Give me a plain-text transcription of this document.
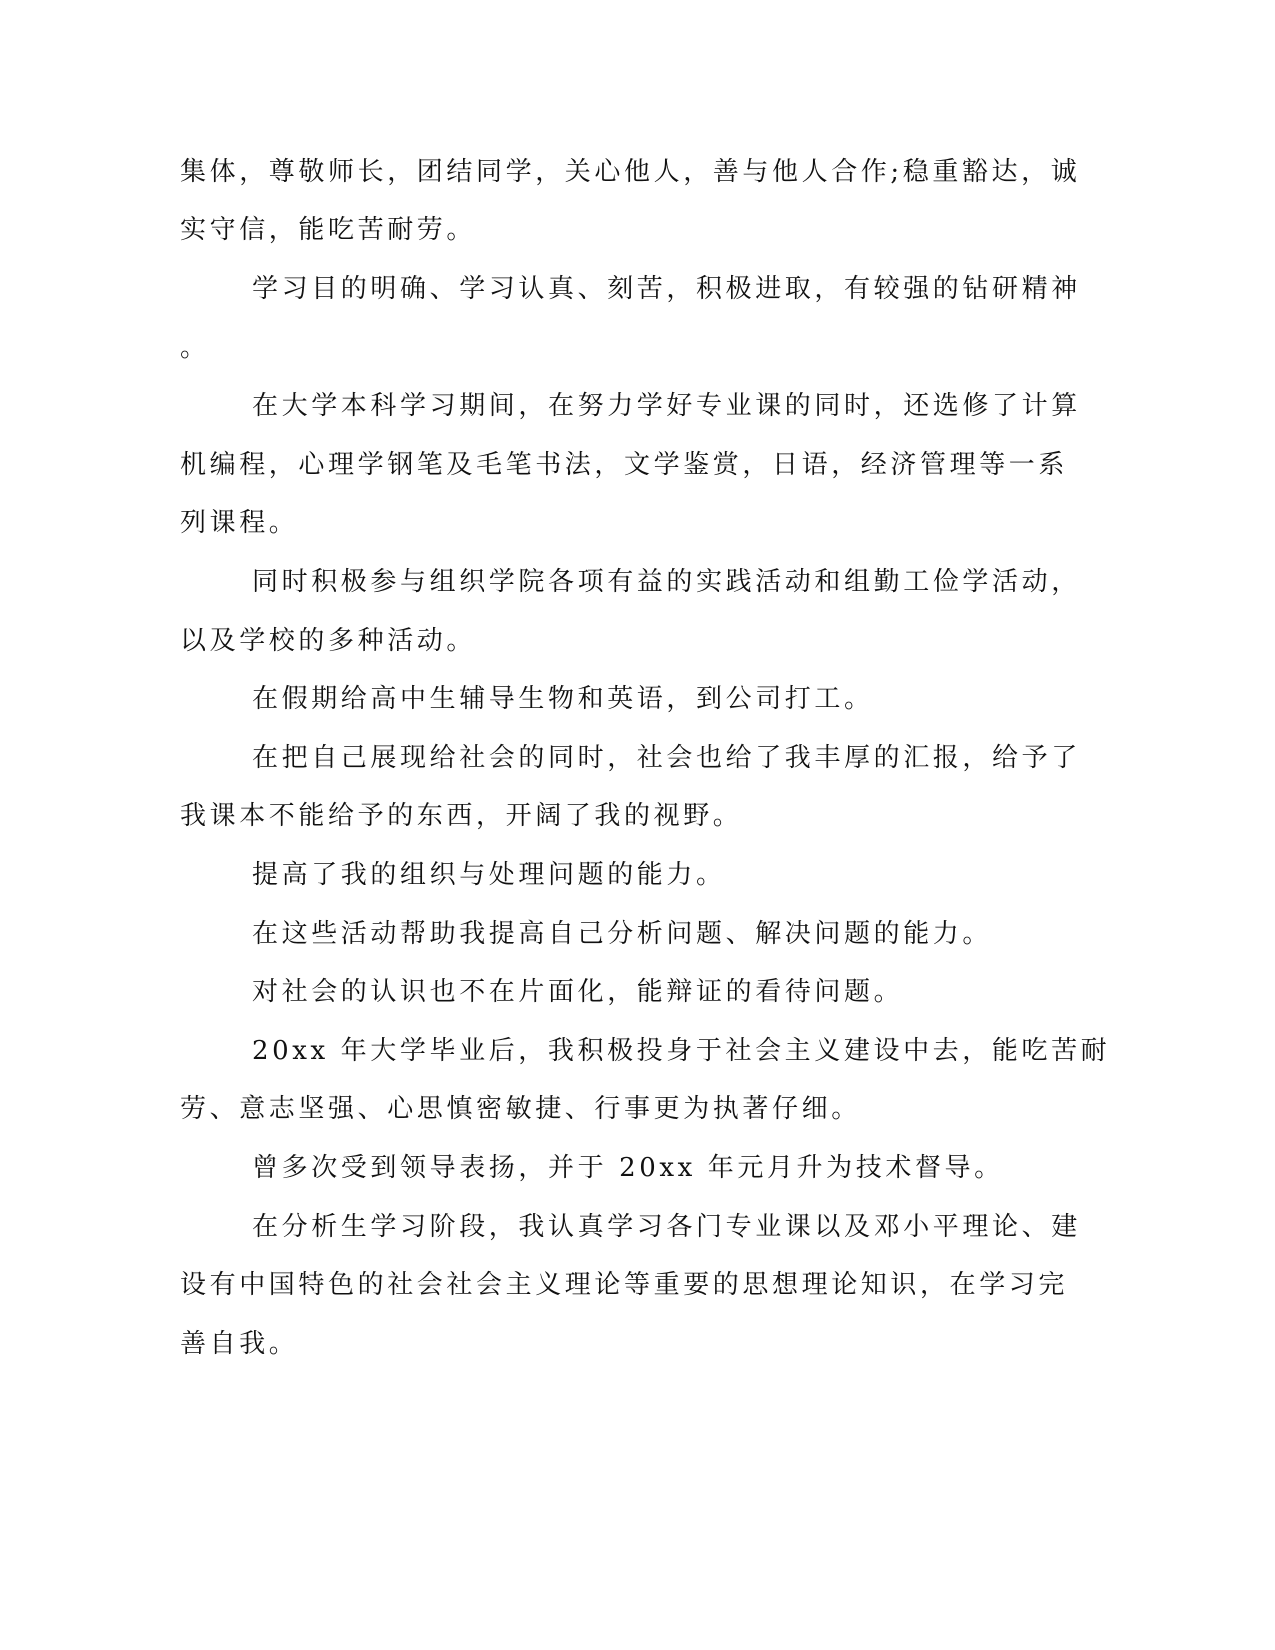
集体，尊敬师长，团结同学，关心他人，善与他人合作;稳重豁达，诚
实守信，能吃苦耐劳。
学习目的明确、学习认真、刻苦，积极进取，有较强的钻研精神
。
在大学本科学习期间，在努力学好专业课的同时，还选修了计算
机编程，心理学钢笔及毛笔书法，文学鉴赏，日语，经济管理等一系
列课程。
同时积极参与组织学院各项有益的实践活动和组勤工俭学活动，
以及学校的多种活动。
在假期给高中生辅导生物和英语，到公司打工。
在把自己展现给社会的同时，社会也给了我丰厚的汇报，给予了
我课本不能给予的东西，开阔了我的视野。
提高了我的组织与处理问题的能力。
在这些活动帮助我提高自己分析问题、解决问题的能力。
对社会的认识也不在片面化，能辩证的看待问题。
20xx 年大学毕业后，我积极投身于社会主义建设中去，能吃苦耐
劳、意志坚强、心思慎密敏捷、行事更为执著仔细。
曾多次受到领导表扬，并于 20xx 年元月升为技术督导。
在分析生学习阶段，我认真学习各门专业课以及邓小平理论、建
设有中国特色的社会社会主义理论等重要的思想理论知识，在学习完
善自我。
